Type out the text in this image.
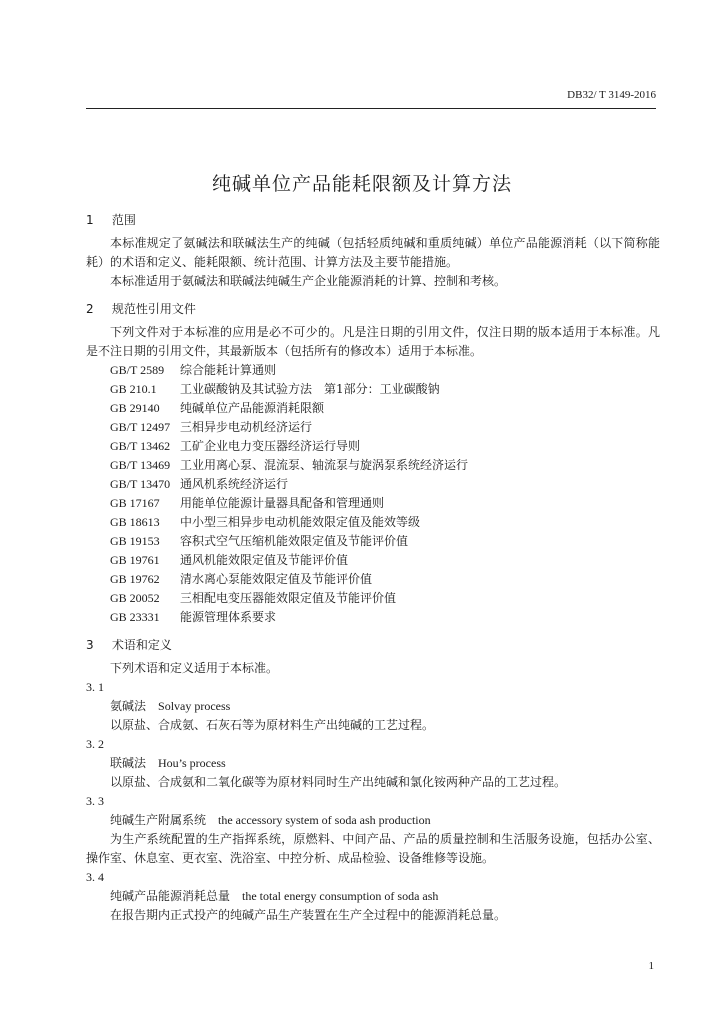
DB32/ T 3149-2016
纯碱单位产品能耗限额及计算方法
1 范围

本标准规定了氨碱法和联碱法生产的纯碱（包括轻质纯碱和重质纯碱）单位产品能源消耗（以下简称能耗）的术语和定义、能耗限额、统计范围、计算方法及主要节能措施。

本标准适用于氨碱法和联碱法纯碱生产企业能源消耗的计算、控制和考核。

2 规范性引用文件

下列文件对于本标准的应用是必不可少的。凡是注日期的引用文件，仅注日期的版本适用于本标准。凡是不注日期的引用文件，其最新版本（包括所有的修改本）适用于本标准。

GB/T 2589 综合能耗计算通则
GB 210.1 工业碳酸钠及其试验方法　第1部分：工业碳酸钠
GB 29140 纯碱单位产品能源消耗限额
GB/T 12497 三相异步电动机经济运行
GB/T 13462 工矿企业电力变压器经济运行导则
GB/T 13469 工业用离心泵、混流泵、轴流泵与旋涡泵系统经济运行
GB/T 13470 通风机系统经济运行
GB 17167 用能单位能源计量器具配备和管理通则
GB 18613 中小型三相异步电动机能效限定值及能效等级
GB 19153 容积式空气压缩机能效限定值及节能评价值
GB 19761 通风机能效限定值及节能评价值
GB 19762 清水离心泵能效限定值及节能评价值
GB 20052 三相配电变压器能效限定值及节能评价值
GB 23331 能源管理体系要求
3 术语和定义

下列术语和定义适用于本标准。

3. 1
氨碱法 Solvay process

以原盐、合成氨、石灰石等为原材料生产出纯碱的工艺过程。

3. 2
联碱法 Hou’s process

以原盐、合成氨和二氧化碳等为原材料同时生产出纯碱和氯化铵两种产品的工艺过程。

3. 3
纯碱生产附属系统 the accessory system of soda ash production

为生产系统配置的生产指挥系统，原燃料、中间产品、产品的质量控制和生活服务设施，包括办公室、操作室、休息室、更衣室、洗浴室、中控分析、成品检验、设备维修等设施。

3. 4
纯碱产品能源消耗总量 the total energy consumption of soda ash

在报告期内正式投产的纯碱产品生产装置在生产全过程中的能源消耗总量。

1
